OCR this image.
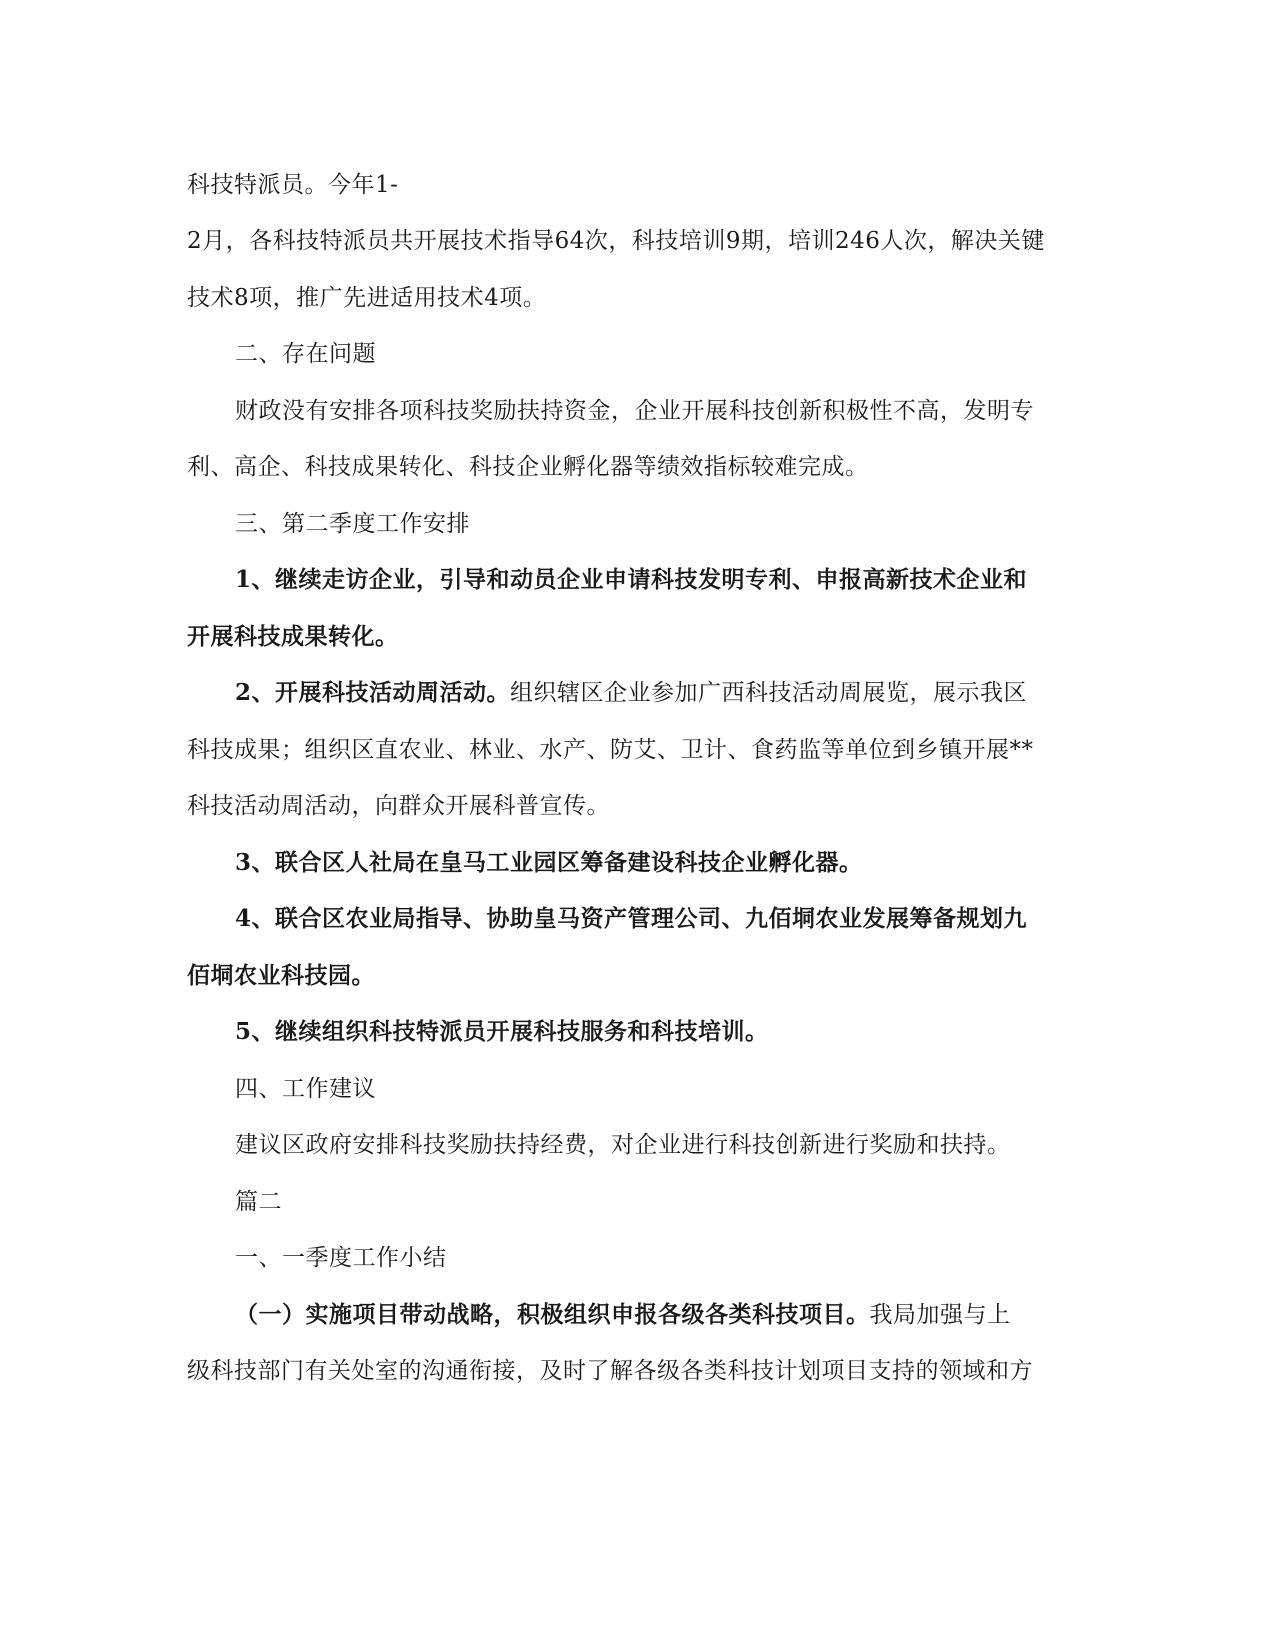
科技特派员。今年1-
2月，各科技特派员共开展技术指导64次，科技培训9期，培训246人次，解决关键
技术8项，推广先进适用技术4项。
二、存在问题
财政没有安排各项科技奖励扶持资金，企业开展科技创新积极性不高，发明专
利、高企、科技成果转化、科技企业孵化器等绩效指标较难完成。
三、第二季度工作安排
1、继续走访企业，引导和动员企业申请科技发明专利、申报高新技术企业和
开展科技成果转化。
2、开展科技活动周活动。组织辖区企业参加广西科技活动周展览，展示我区
科技成果；组织区直农业、林业、水产、防艾、卫计、食药监等单位到乡镇开展**
科技活动周活动，向群众开展科普宣传。
3、联合区人社局在皇马工业园区筹备建设科技企业孵化器。
4、联合区农业局指导、协助皇马资产管理公司、九佰垌农业发展筹备规划九
佰垌农业科技园。
5、继续组织科技特派员开展科技服务和科技培训。
四、工作建议
建议区政府安排科技奖励扶持经费，对企业进行科技创新进行奖励和扶持。
篇二
一、一季度工作小结
（一）实施项目带动战略，积极组织申报各级各类科技项目。我局加强与上
级科技部门有关处室的沟通衔接，及时了解各级各类科技计划项目支持的领域和方
